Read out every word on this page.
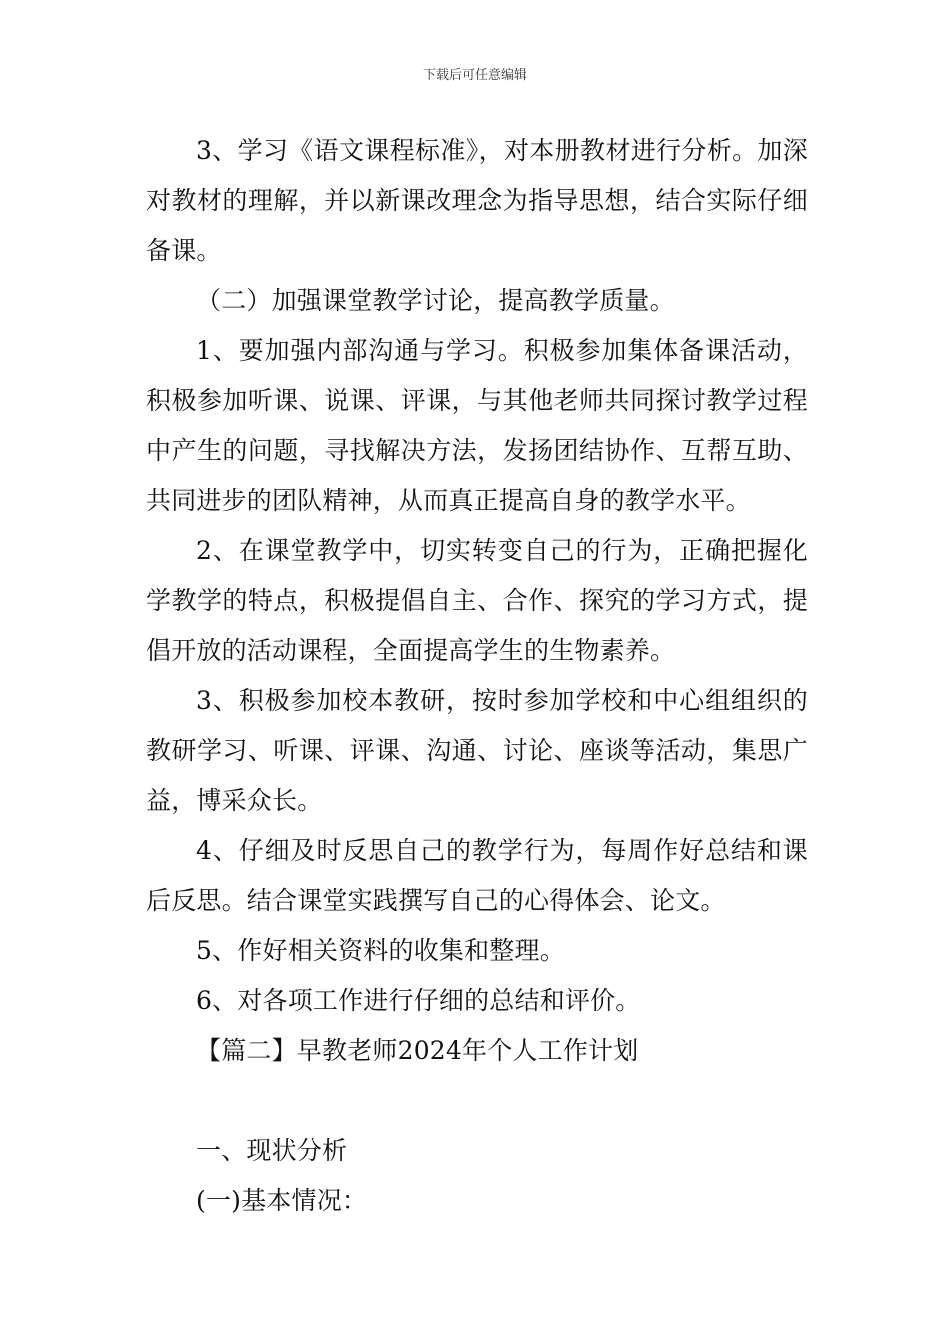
下载后可任意编辑

3、学习《语文课程标准》，对本册教材进行分析。加深对教材的理解，并以新课改理念为指导思想，结合实际仔细备课。

（二）加强课堂教学讨论，提高教学质量。

1、要加强内部沟通与学习。积极参加集体备课活动，积极参加听课、说课、评课，与其他老师共同探讨教学过程中产生的问题，寻找解决方法，发扬团结协作、互帮互助、共同进步的团队精神，从而真正提高自身的教学水平。

2、在课堂教学中，切实转变自己的行为，正确把握化学教学的特点，积极提倡自主、合作、探究的学习方式，提倡开放的活动课程，全面提高学生的生物素养。

3、积极参加校本教研，按时参加学校和中心组组织的教研学习、听课、评课、沟通、讨论、座谈等活动，集思广益，博采众长。

4、仔细及时反思自己的教学行为，每周作好总结和课后反思。结合课堂实践撰写自己的心得体会、论文。

5、作好相关资料的收集和整理。

6、对各项工作进行仔细的总结和评价。

【篇二】早教老师2024年个人工作计划

一、现状分析

(一)基本情况：
